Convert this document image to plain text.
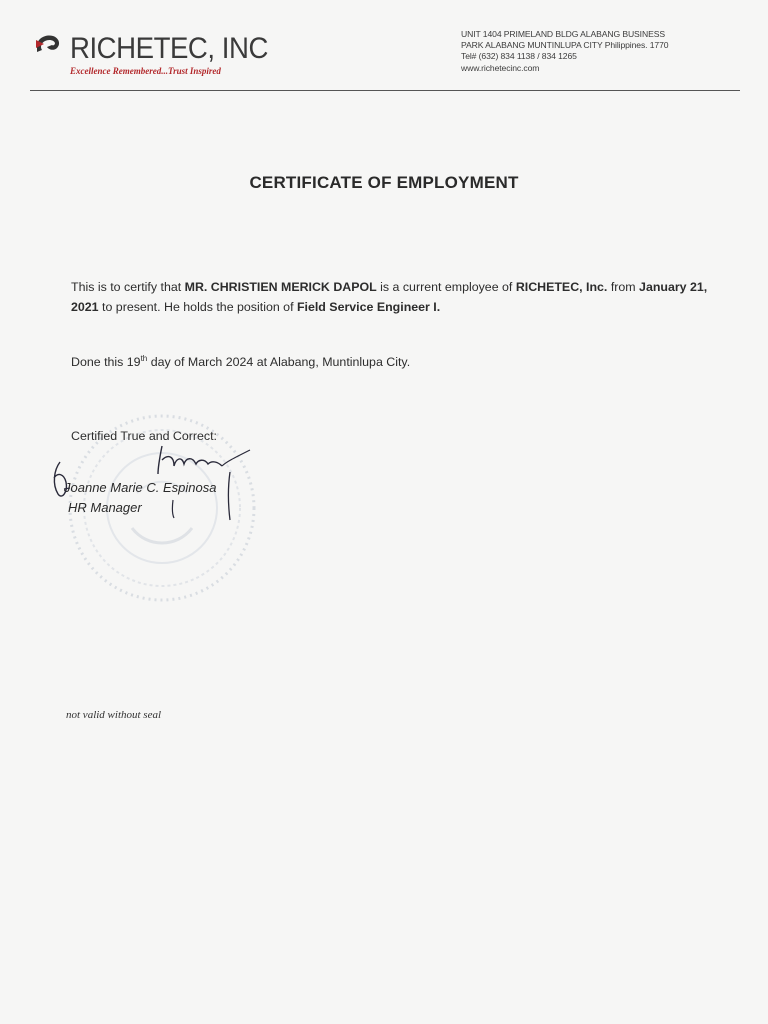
RICHETEC, INC
Excellence Remembered...Trust Inspired
UNIT 1404 PRIMELAND BLDG ALABANG BUSINESS
PARK ALABANG MUNTINLUPA CITY Philippines. 1770
Tel# (632) 834 1138 / 834 1265
www.richetecinc.com
CERTIFICATE OF EMPLOYMENT
This is to certify that MR. CHRISTIEN MERICK DAPOL is a current employee of RICHETEC, Inc. from January 21, 2021 to present. He holds the position of Field Service Engineer I.
Done this 19th day of March 2024 at Alabang, Muntinlupa City.
Certified True and Correct:
Joanne Marie C. Espinosa
HR Manager
not valid without seal
